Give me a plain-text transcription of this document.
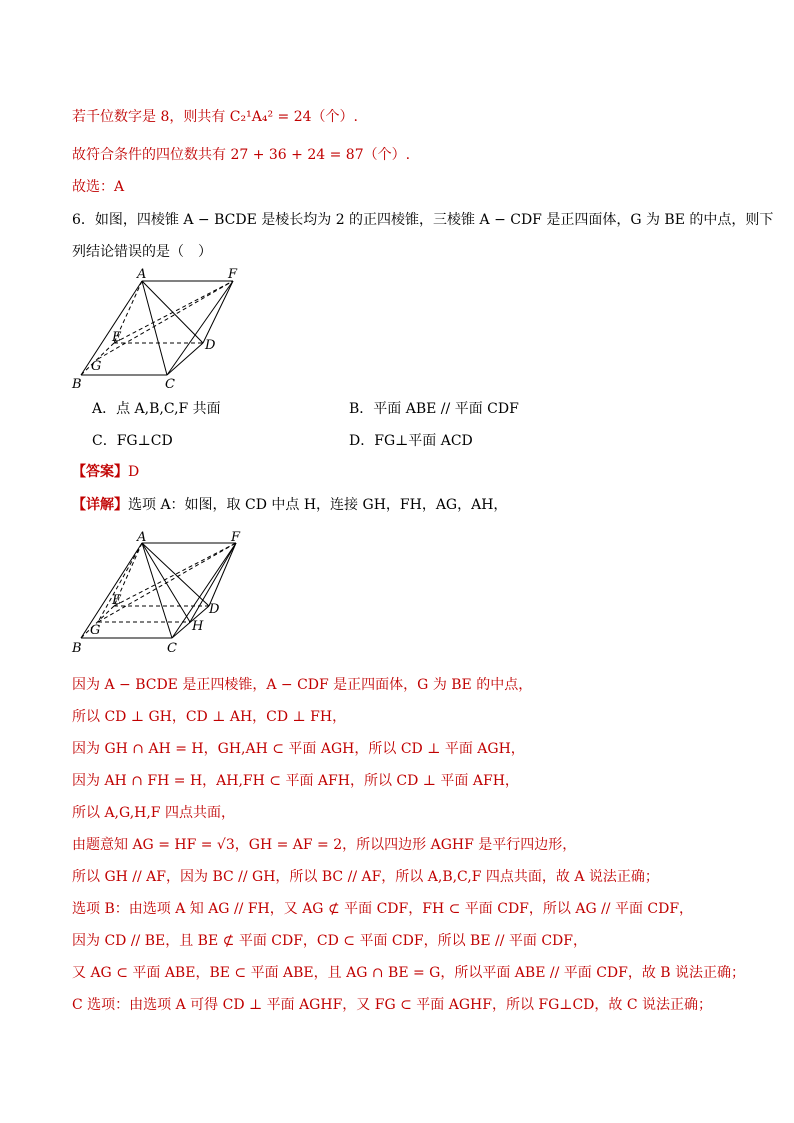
若千位数字是 8，则共有 C₂¹A₄² = 24（个）.
故符合条件的四位数共有 27 + 36 + 24 = 87（个）.
故选：A
6．如图，四棱锥 A − BCDE 是棱长均为 2 的正四棱锥，三棱锥 A − CDF 是正四面体，G 为 BE 的中点，则下
列结论错误的是（　）
A	F
E
D
G
B	C
A．点 A,B,C,F 共面	B．平面 ABE // 平面 CDF
C．FG⊥CD	D．FG⊥平面 ACD
【答案】D
【详解】选项 A：如图，取 CD 中点 H，连接 GH，FH，AG，AH，
A	F
E
D
G	H
B	C
因为 A − BCDE 是正四棱锥，A − CDF 是正四面体，G 为 BE 的中点，
所以 CD ⊥ GH，CD ⊥ AH，CD ⊥ FH，
因为 GH ∩ AH = H，GH,AH ⊂ 平面 AGH，所以 CD ⊥ 平面 AGH，
因为 AH ∩ FH = H，AH,FH ⊂ 平面 AFH，所以 CD ⊥ 平面 AFH，
所以 A,G,H,F 四点共面，
由题意知 AG = HF = √3，GH = AF = 2，所以四边形 AGHF 是平行四边形，
所以 GH // AF，因为 BC // GH，所以 BC // AF，所以 A,B,C,F 四点共面，故 A 说法正确；
选项 B：由选项 A 知 AG // FH，又 AG ⊄ 平面 CDF，FH ⊂ 平面 CDF，所以 AG // 平面 CDF，
因为 CD // BE，且 BE ⊄ 平面 CDF，CD ⊂ 平面 CDF，所以 BE // 平面 CDF，
又 AG ⊂ 平面 ABE，BE ⊂ 平面 ABE，且 AG ∩ BE = G，所以平面 ABE // 平面 CDF，故 B 说法正确；
C 选项：由选项 A 可得 CD ⊥ 平面 AGHF，又 FG ⊂ 平面 AGHF，所以 FG⊥CD，故 C 说法正确；
